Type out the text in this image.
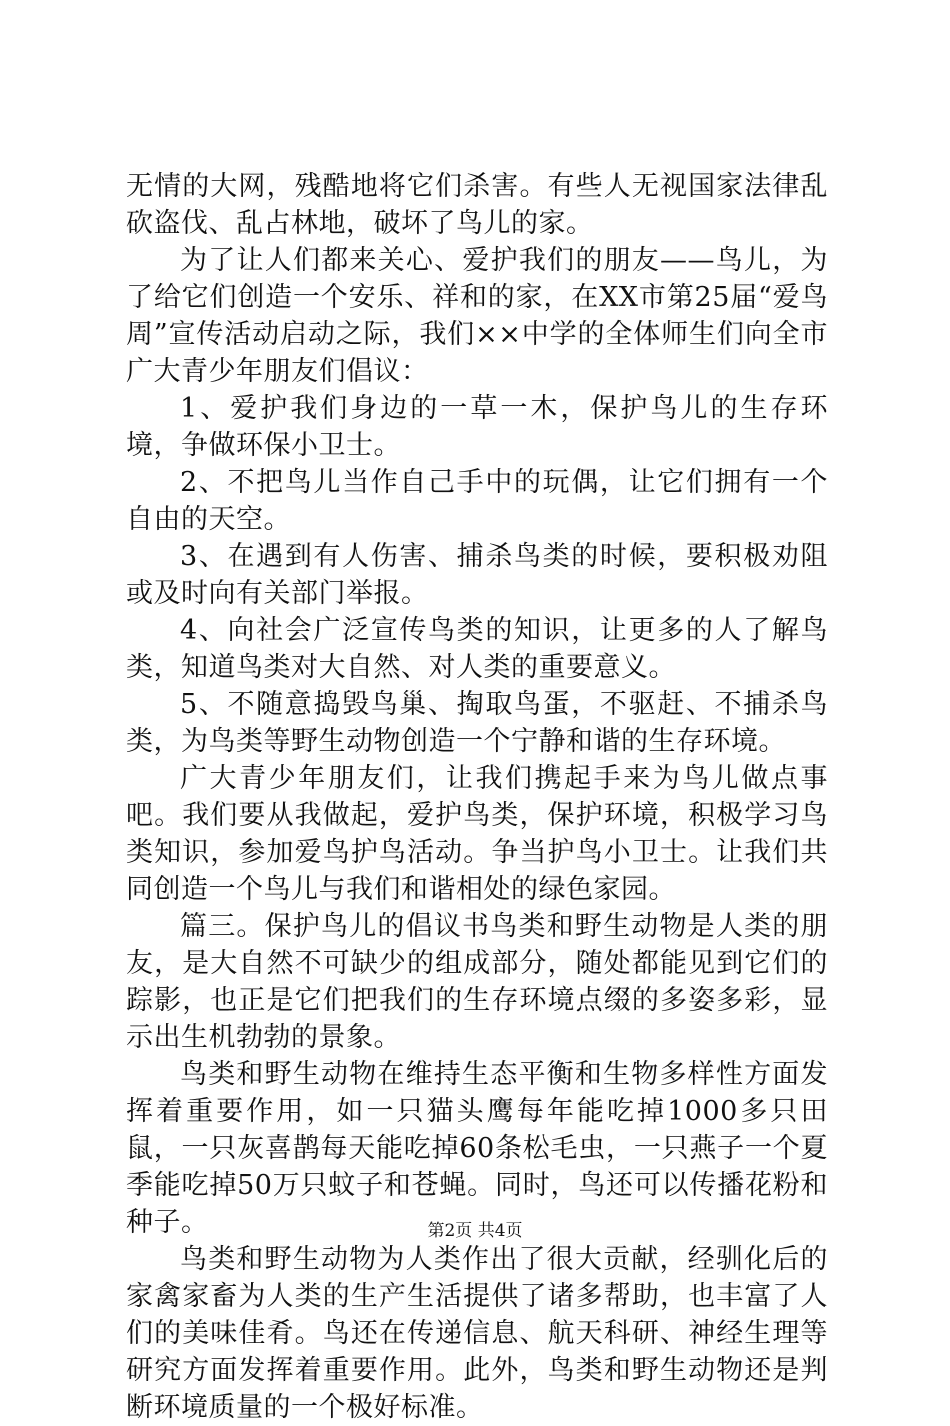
无情的大网，残酷地将它们杀害。有些人无视国家法律乱砍盗伐、乱占林地，破坏了鸟儿的家。

为了让人们都来关心、爱护我们的朋友——鸟儿，为了给它们创造一个安乐、祥和的家，在XX市第25届“爱鸟周”宣传活动启动之际，我们××中学的全体师生们向全市广大青少年朋友们倡议：

1、爱护我们身边的一草一木，保护鸟儿的生存环境，争做环保小卫士。

2、不把鸟儿当作自己手中的玩偶，让它们拥有一个自由的天空。

3、在遇到有人伤害、捕杀鸟类的时候，要积极劝阻或及时向有关部门举报。

4、向社会广泛宣传鸟类的知识，让更多的人了解鸟类，知道鸟类对大自然、对人类的重要意义。

5、不随意捣毁鸟巢、掏取鸟蛋，不驱赶、不捕杀鸟类，为鸟类等野生动物创造一个宁静和谐的生存环境。

广大青少年朋友们，让我们携起手来为鸟儿做点事吧。我们要从我做起，爱护鸟类，保护环境，积极学习鸟类知识，参加爱鸟护鸟活动。争当护鸟小卫士。让我们共同创造一个鸟儿与我们和谐相处的绿色家园。

篇三。保护鸟儿的倡议书鸟类和野生动物是人类的朋友，是大自然不可缺少的组成部分，随处都能见到它们的踪影，也正是它们把我们的生存环境点缀的多姿多彩，显示出生机勃勃的景象。

鸟类和野生动物在维持生态平衡和生物多样性方面发挥着重要作用，如一只猫头鹰每年能吃掉1000多只田鼠，一只灰喜鹊每天能吃掉60条松毛虫，一只燕子一个夏季能吃掉50万只蚊子和苍蝇。同时，鸟还可以传播花粉和种子。

鸟类和野生动物为人类作出了很大贡献，经驯化后的家禽家畜为人类的生产生活提供了诸多帮助，也丰富了人们的美味佳肴。鸟还在传递信息、航天科研、神经生理等研究方面发挥着重要作用。此外，鸟类和野生动物还是判断环境质量的一个极好标准。

第2页 共4页
